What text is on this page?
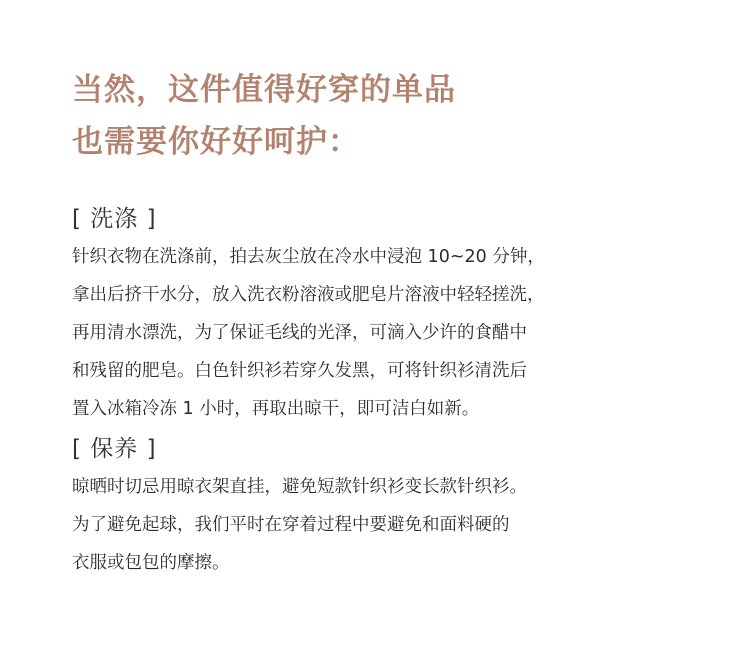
当然，这件值得好穿的单品
也需要你好好呵护：
[ 洗涤 ]
针织衣物在洗涤前，拍去灰尘放在冷水中浸泡 10~20 分钟，
拿出后挤干水分，放入洗衣粉溶液或肥皂片溶液中轻轻搓洗，
再用清水漂洗，为了保证毛线的光泽，可滴入少许的食醋中
和残留的肥皂。白色针织衫若穿久发黑，可将针织衫清洗后
置入冰箱冷冻 1 小时，再取出晾干，即可洁白如新。
[ 保养 ]
晾晒时切忌用晾衣架直挂，避免短款针织衫变长款针织衫。
为了避免起球，我们平时在穿着过程中要避免和面料硬的
衣服或包包的摩擦。
